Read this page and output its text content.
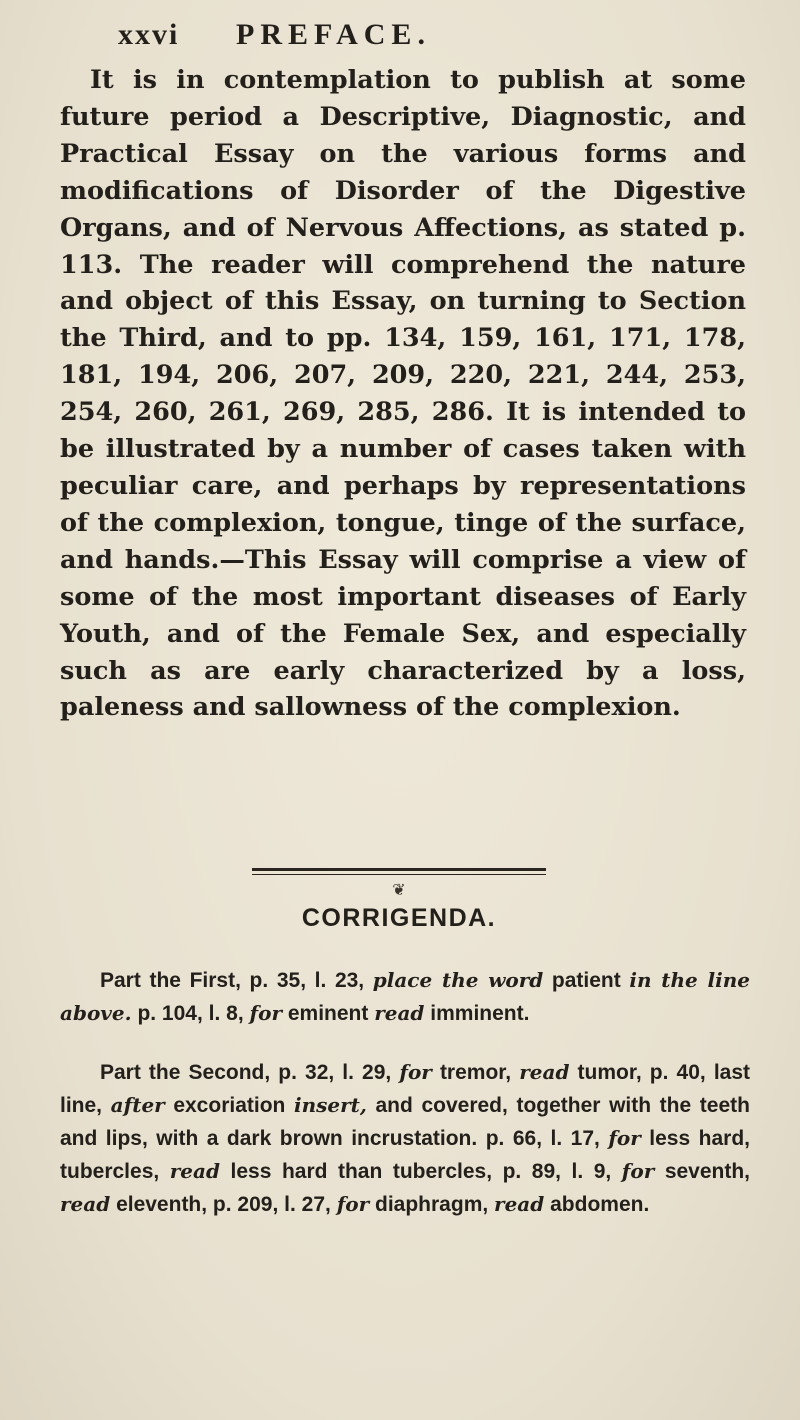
xxvi PREFACE.

It is in contemplation to publish at some future period a Descriptive, Diagnostic, and Practical Essay on the various forms and modifications of Disorder of the Digestive Organs, and of Nervous Affections, as stated p. 113. The reader will comprehend the nature and object of this Essay, on turning to Section the Third, and to pp. 134, 159, 161, 171, 178, 181, 194, 206, 207, 209, 220, 221, 244, 253, 254, 260, 261, 269, 285, 286. It is intended to be illustrated by a number of cases taken with peculiar care, and perhaps by representations of the complexion, tongue, tinge of the surface, and hands.—This Essay will comprise a view of some of the most important diseases of Early Youth, and of the Female Sex, and especially such as are early characterized by a loss, paleness and sallowness of the complexion.

❦
CORRIGENDA.

Part the First, p. 35, l. 23, place the word patient in the line above. p. 104, l. 8, for eminent read imminent.

Part the Second, p. 32, l. 29, for tremor, read tumor, p. 40, last line, after excoriation insert, and covered, together with the teeth and lips, with a dark brown incrustation. p. 66, l. 17, for less hard, tubercles, read less hard than tubercles, p. 89, l. 9, for seventh, read eleventh, p. 209, l. 27, for diaphragm, read abdomen.
